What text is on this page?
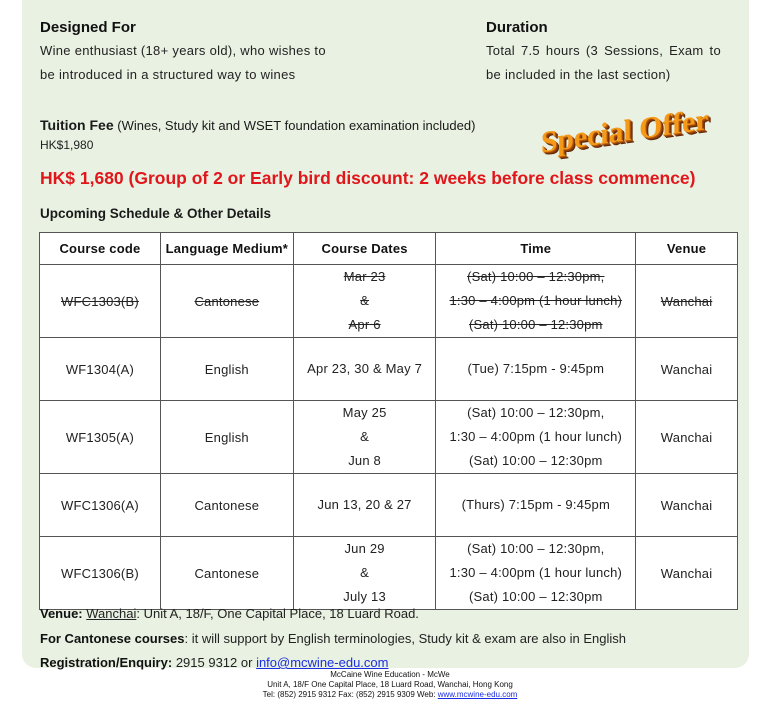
Designed For
Wine enthusiast (18+ years old), who wishes to
be introduced in a structured way to wines
Duration
Total 7.5 hours (3 Sessions, Exam to
be included in the last section)
Tuition Fee (Wines, Study kit and WSET foundation examination included)
HK$1,980	Special Offer
HK$ 1,680 (Group of 2 or Early bird discount: 2 weeks before class commence)
Upcoming Schedule & Other Details
Course code	Language Medium*	Course Dates	Time	Venue
WFC1303(B)	Cantonese	Mar 23
&
Apr 6	(Sat) 10:00 – 12:30pm,
1:30 – 4:00pm (1 hour lunch)
(Sat) 10:00 – 12:30pm	Wanchai
WF1304(A)	English	Apr 23, 30 & May 7	(Tue) 7:15pm - 9:45pm	Wanchai
WF1305(A)	English	May 25
&
Jun 8	(Sat) 10:00 – 12:30pm,
1:30 – 4:00pm (1 hour lunch)
(Sat) 10:00 – 12:30pm	Wanchai
WFC1306(A)	Cantonese	Jun 13, 20 & 27	(Thurs) 7:15pm - 9:45pm	Wanchai
WFC1306(B)	Cantonese	Jun 29
&
July 13	(Sat) 10:00 – 12:30pm,
1:30 – 4:00pm (1 hour lunch)
(Sat) 10:00 – 12:30pm	Wanchai
Venue: Wanchai: Unit A, 18/F, One Capital Place, 18 Luard Road.
For Cantonese courses: it will support by English terminologies, Study kit & exam are also in English
Registration/Enquiry: 2915 9312 or info@mcwine-edu.com
McCaine Wine Education - McWe
Unit A, 18/F One Capital Place, 18 Luard Road, Wanchai, Hong Kong
Tel: (852) 2915 9312 Fax: (852) 2915 9309 Web: www.mcwine-edu.com
